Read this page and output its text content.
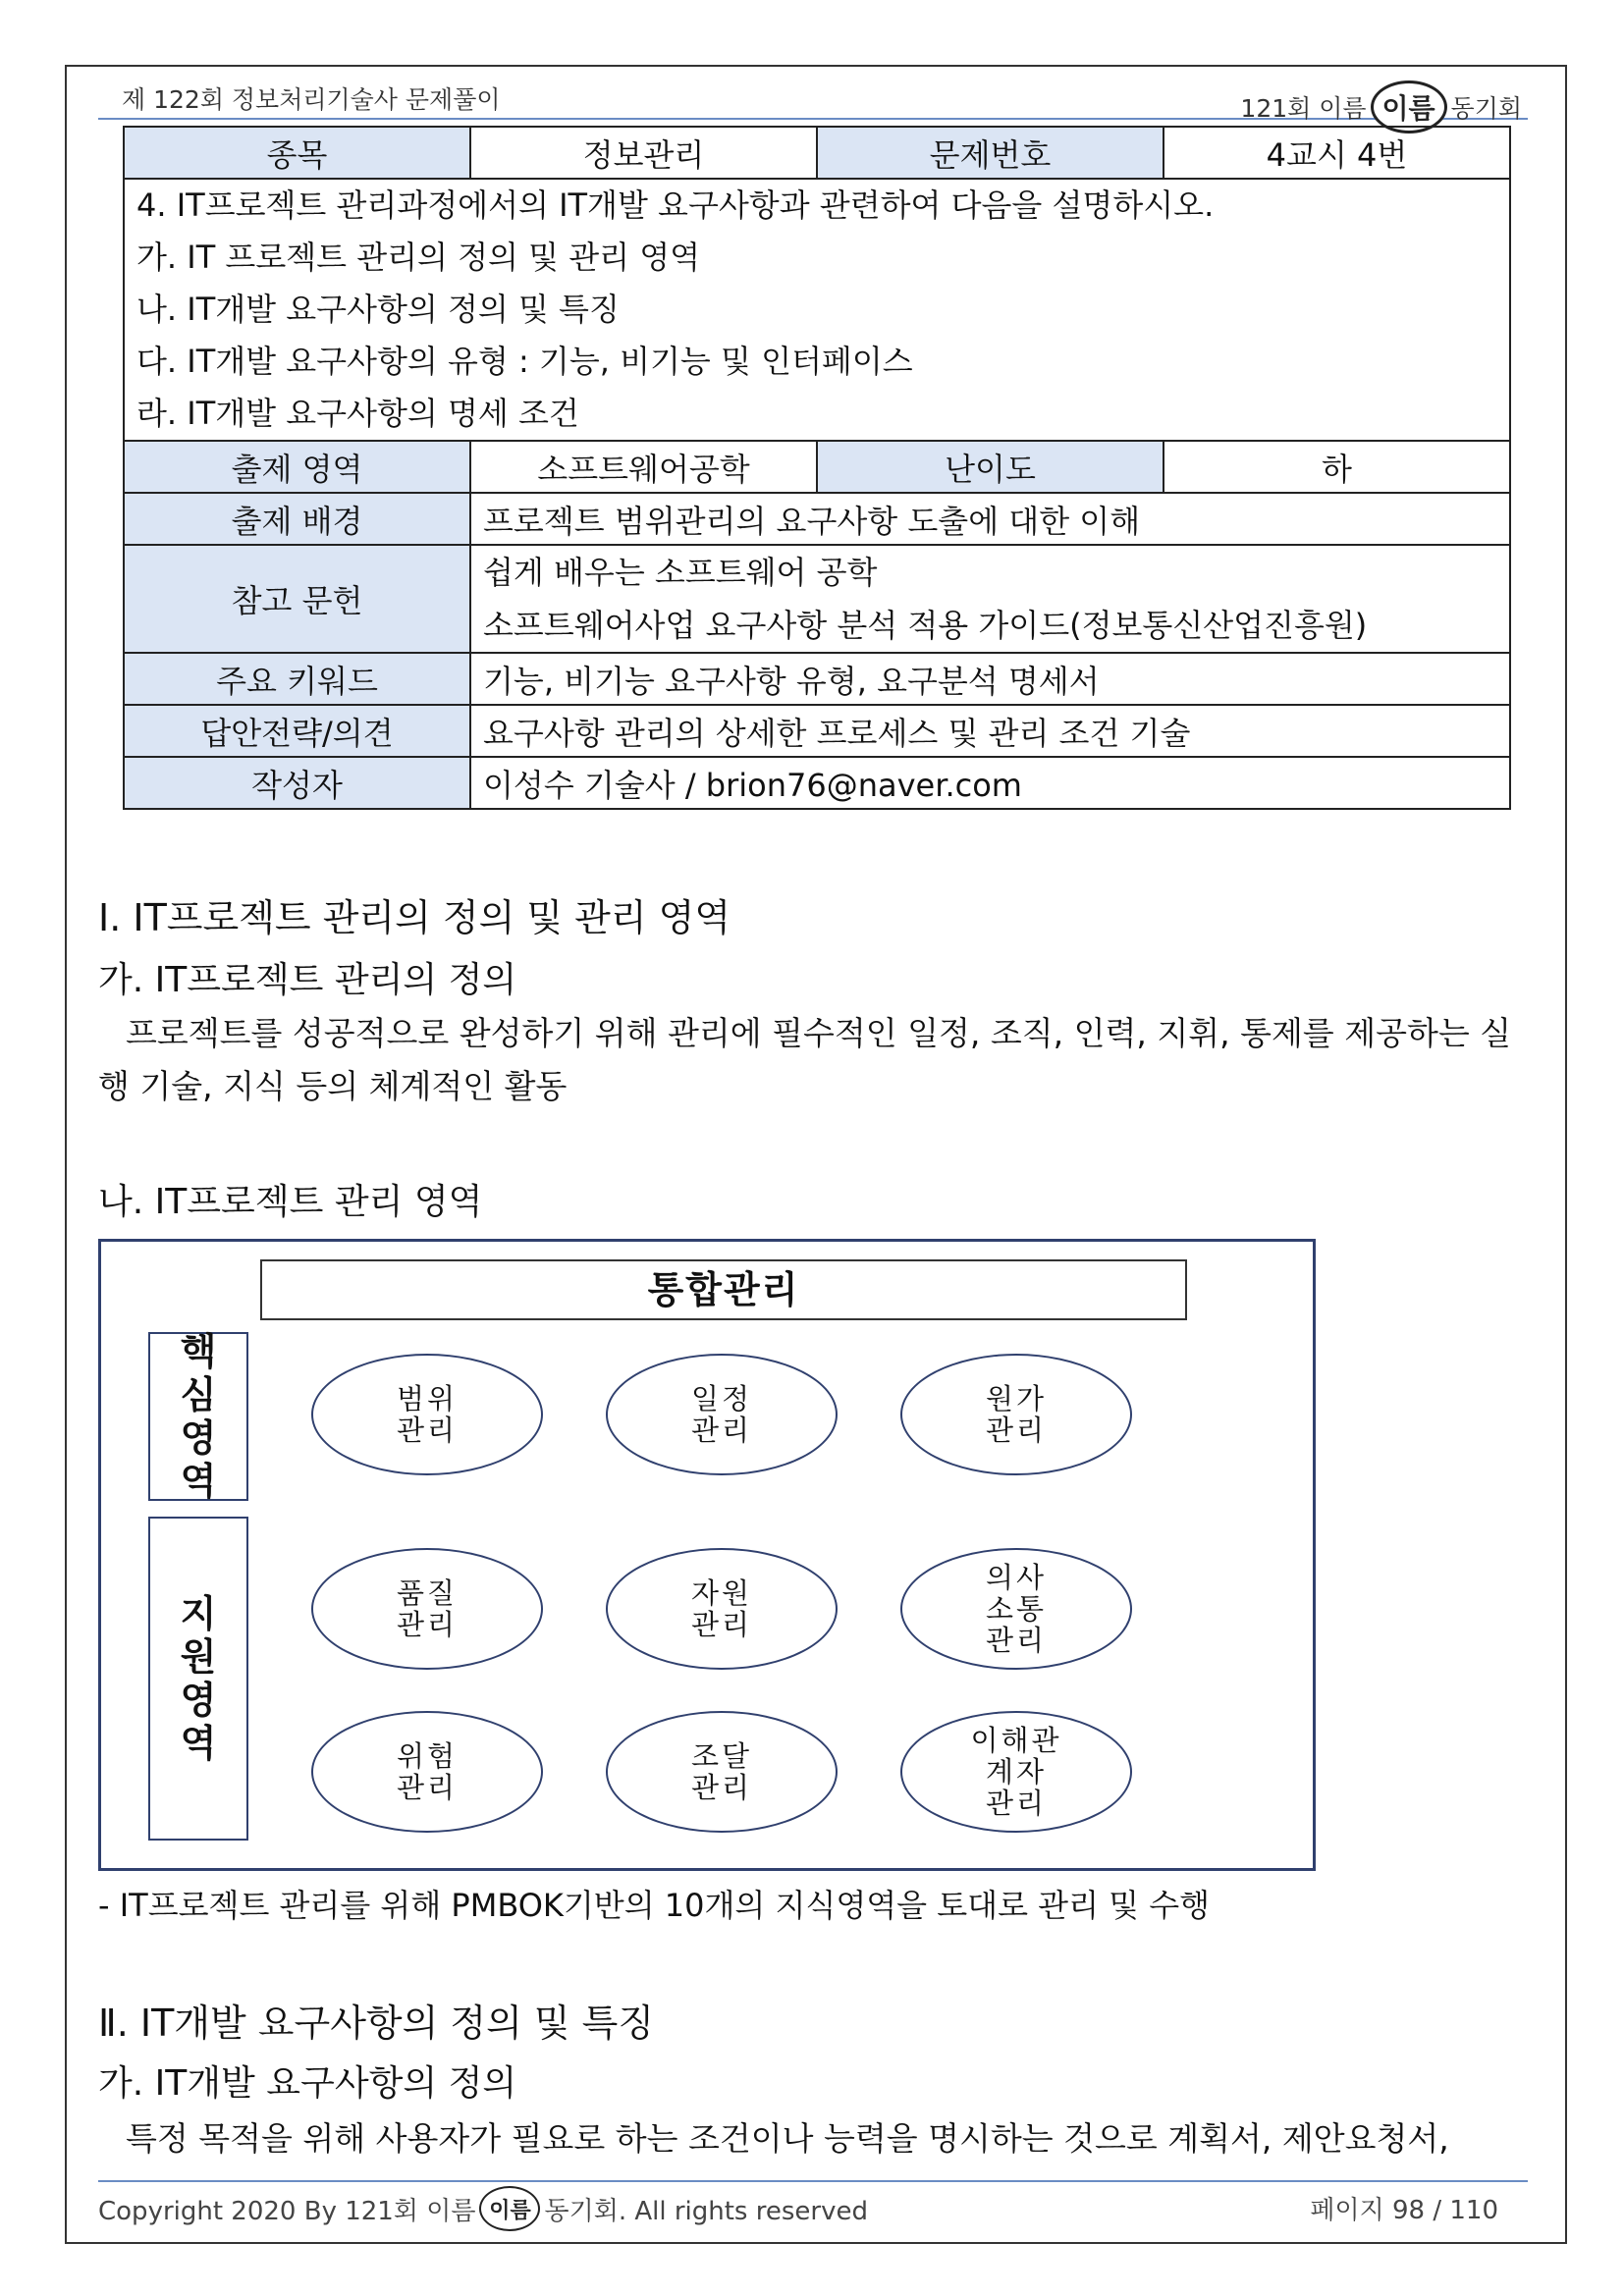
제 122회 정보처리기술사 문제풀이	121회 이름 이름 동기회
종목	정보관리	문제번호	4교시 4번

4. IT프로젝트 관리과정에서의 IT개발 요구사항과 관련하여 다음을 설명하시오.
가. IT 프로젝트 관리의 정의 및 관리 영역
나. IT개발 요구사항의 정의 및 특징
다. IT개발 요구사항의 유형 : 기능, 비기능 및 인터페이스
라. IT개발 요구사항의 명세 조건			

출제 영역	소프트웨어공학	난이도	하
출제 배경	프로젝트 범위관리의 요구사항 도출에 대한 이해		
참고 문헌	쉽게 배우는 소프트웨어 공학
소프트웨어사업 요구사항 분석 적용 가이드(정보통신산업진흥원)		

주요 키워드	기능, 비기능 요구사항 유형, 요구분석 명세서		
답안전략/의견	요구사항 관리의 상세한 프로세스 및 관리 조건 기술		
작성자	이성수 기술사 / brion76@naver.com		
Ⅰ. IT프로젝트 관리의 정의 및 관리 영역
가. IT프로젝트 관리의 정의
프로젝트를 성공적으로 완성하기 위해 관리에 필수적인 일정, 조직, 인력, 지휘, 통제를 제공하는 실행 기술, 지식 등의 체계적인 활동
나. IT프로젝트 관리 영역
통합관리
핵
심
영
역
지
원
영
역
범위
관리
일정
관리
원가
관리
품질
관리
자원
관리
의사
소통
관리
위험
관리
조달
관리
이해관
계자
관리
- IT프로젝트 관리를 위해 PMBOK기반의 10개의 지식영역을 토대로 관리 및 수행
Ⅱ. IT개발 요구사항의 정의 및 특징
가. IT개발 요구사항의 정의
특정 목적을 위해 사용자가 필요로 하는 조건이나 능력을 명시하는 것으로 계획서, 제안요청서,
Copyright 2020 By 121회 이름 이름 동기회. All rights reserved	페이지 98 / 110
